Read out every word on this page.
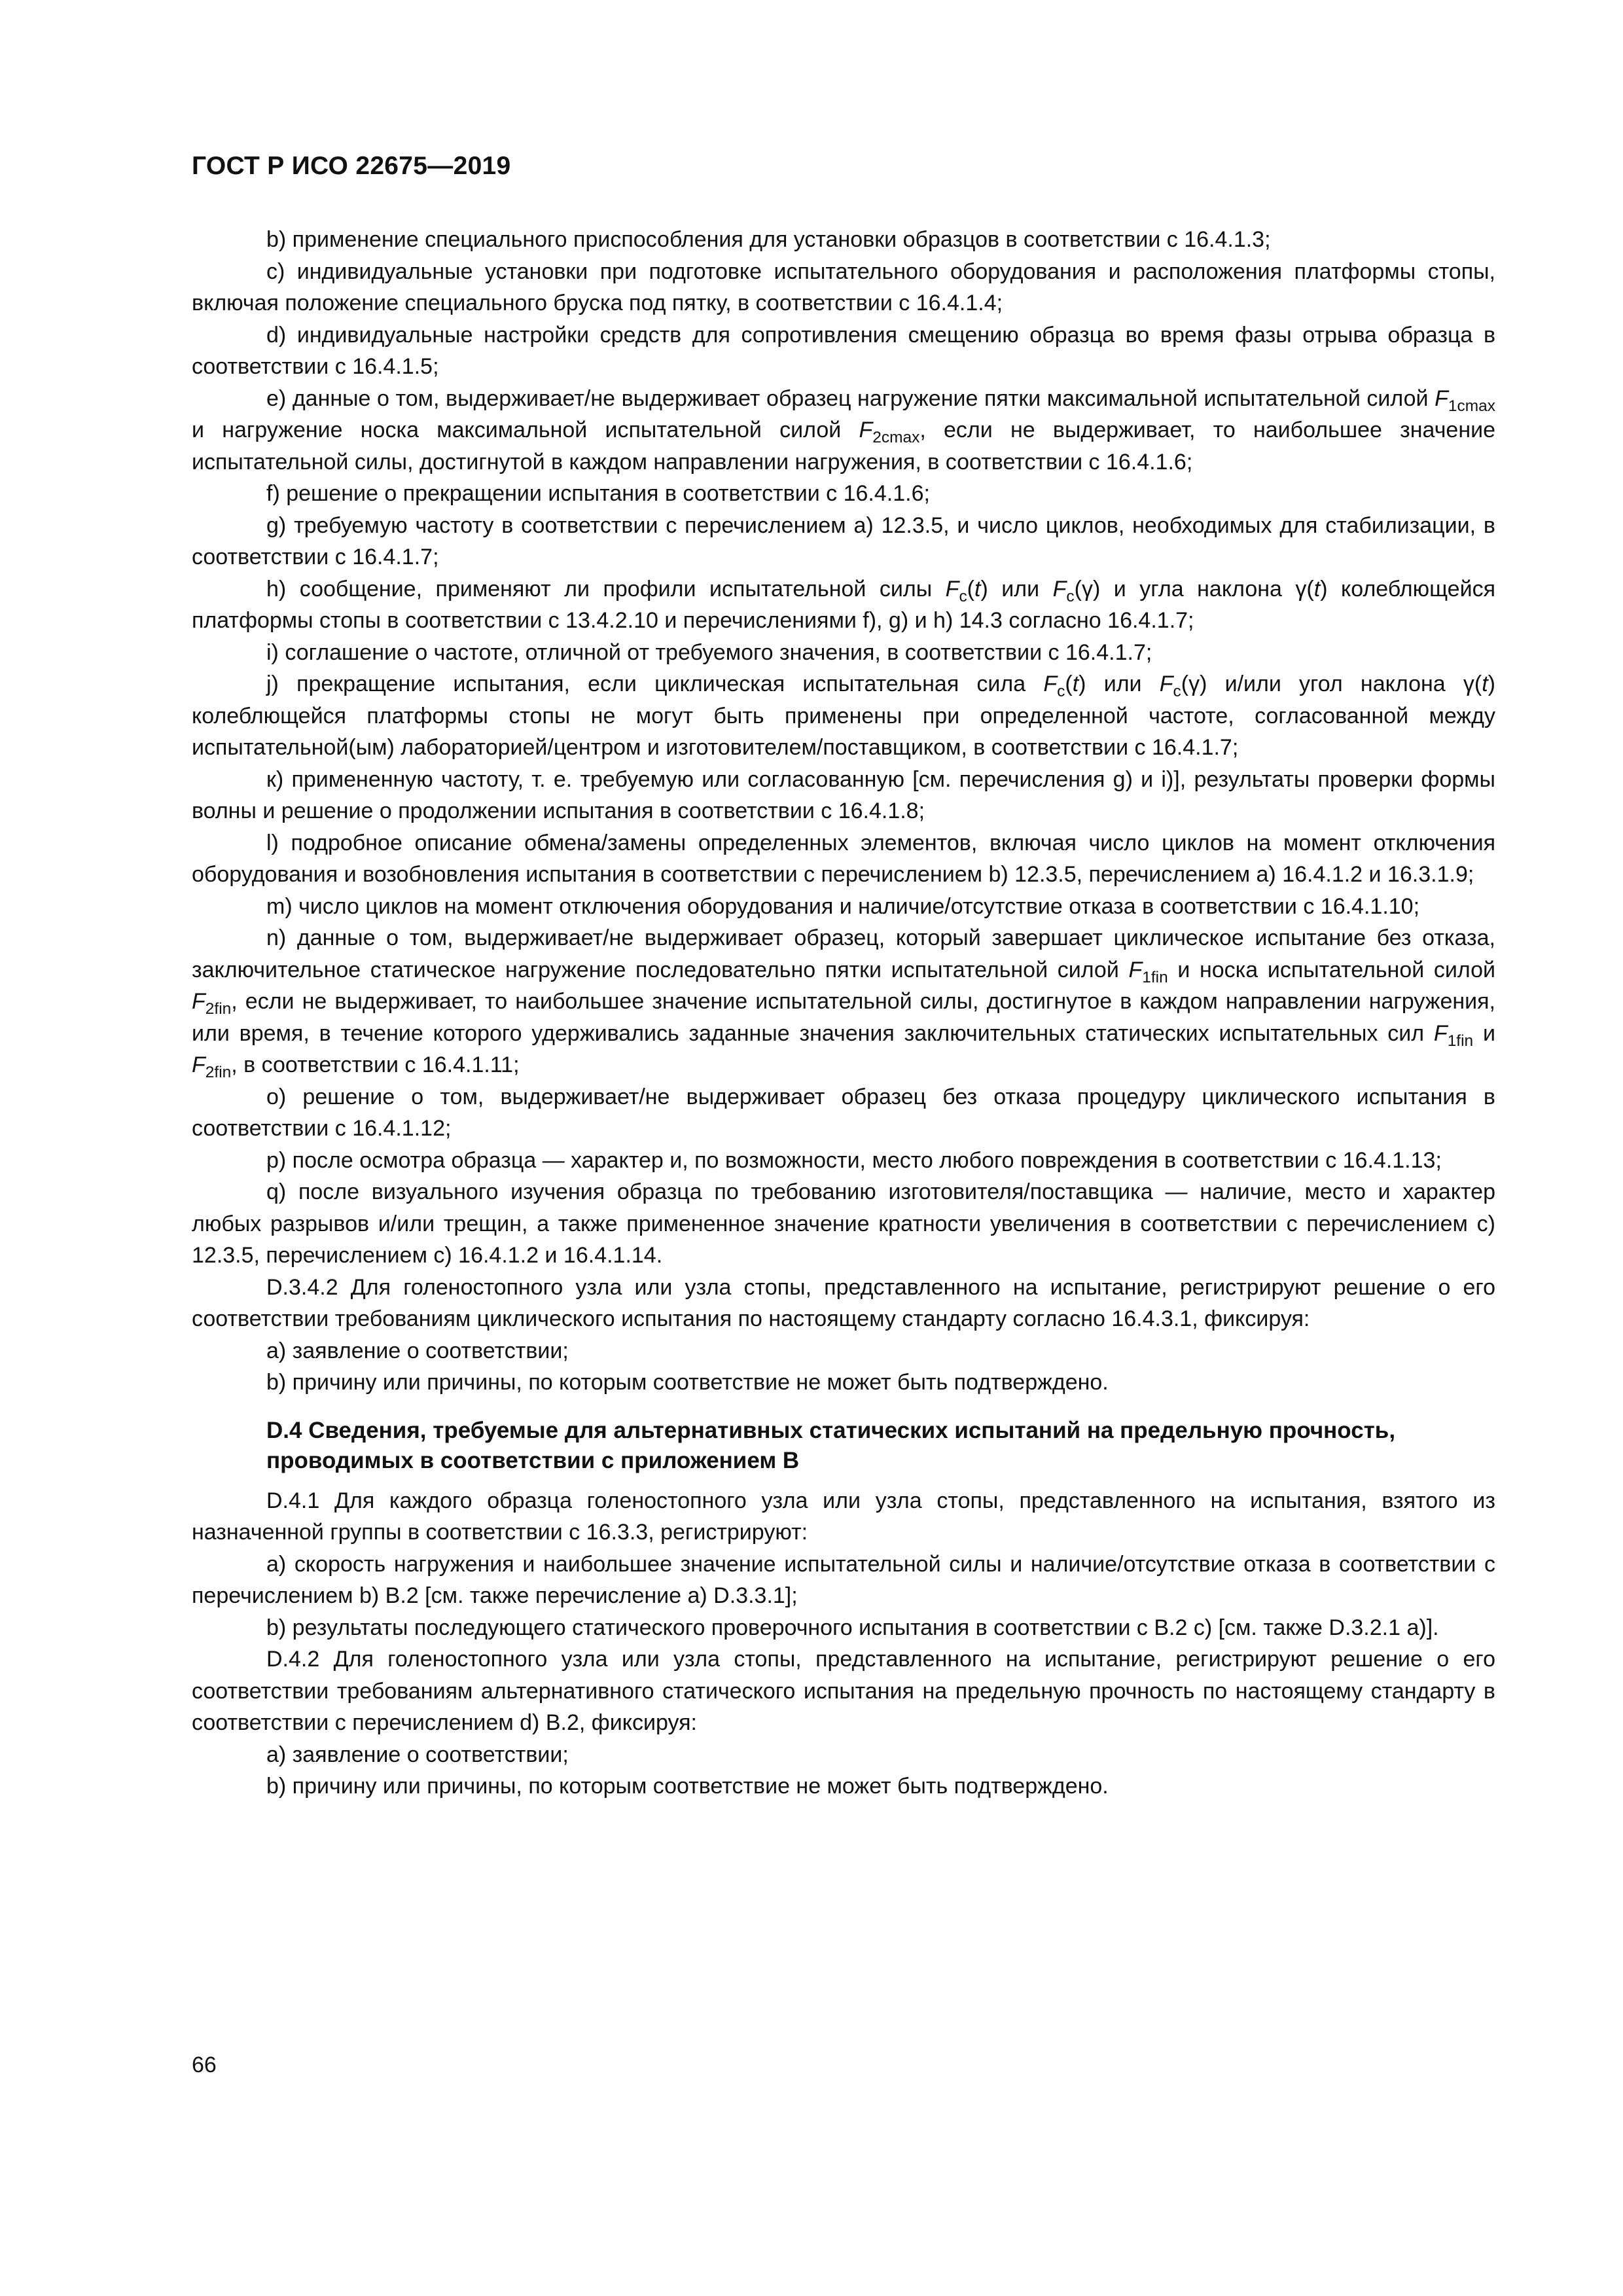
ГОСТ Р ИСО 22675—2019

b) применение специального приспособления для установки образцов в соответствии с 16.4.1.3;

c) индивидуальные установки при подготовке испытательного оборудования и расположения платформы стопы, включая положение специального бруска под пятку, в соответствии с 16.4.1.4;

d) индивидуальные настройки средств для сопротивления смещению образца во время фазы отрыва образца в соответствии с 16.4.1.5;

e) данные о том, выдерживает/не выдерживает образец нагружение пятки максимальной испытательной силой $F_{1cmax}$ и нагружение носка максимальной испытательной силой $F_{2cmax}$, если не выдерживает, то наибольшее значение испытательной силы, достигнутой в каждом направлении нагружения, в соответствии с 16.4.1.6;

f) решение о прекращении испытания в соответствии с 16.4.1.6;

g) требуемую частоту в соответствии с перечислением а) 12.3.5, и число циклов, необходимых для стабилизации, в соответствии с 16.4.1.7;

h) сообщение, применяют ли профили испытательной силы $F_c(t)$ или $F_c(\gamma)$ и угла наклона γ(t) колеблющейся платформы стопы в соответствии с 13.4.2.10 и перечислениями f), g) и h) 14.3 согласно 16.4.1.7;

i) соглашение о частоте, отличной от требуемого значения, в соответствии с 16.4.1.7;

j) прекращение испытания, если циклическая испытательная сила $F_c(t)$ или $F_c(\gamma)$ и/или угол наклона γ(t) колеблющейся платформы стопы не могут быть применены при определенной частоте, согласованной между испытательной(ым) лабораторией/центром и изготовителем/поставщиком, в соответствии с 16.4.1.7;

к) примененную частоту, т. е. требуемую или согласованную [см. перечисления g) и i)], результаты проверки формы волны и решение о продолжении испытания в соответствии с 16.4.1.8;

l) подробное описание обмена/замены определенных элементов, включая число циклов на момент отключения оборудования и возобновления испытания в соответствии с перечислением b) 12.3.5, перечислением а) 16.4.1.2 и 16.3.1.9;

m) число циклов на момент отключения оборудования и наличие/отсутствие отказа в соответствии с 16.4.1.10;

n) данные о том, выдерживает/не выдерживает образец, который завершает циклическое испытание без отказа, заключительное статическое нагружение последовательно пятки испытательной силой $F_{1fin}$ и носка испытательной силой $F_{2fin}$, если не выдерживает, то наибольшее значение испытательной силы, достигнутое в каждом направлении нагружения, или время, в течение которого удерживались заданные значения заключительных статических испытательных сил $F_{1fin}$ и $F_{2fin}$, в соответствии с 16.4.1.11;

o) решение о том, выдерживает/не выдерживает образец без отказа процедуру циклического испытания в соответствии с 16.4.1.12;

p) после осмотра образца — характер и, по возможности, место любого повреждения в соответствии с 16.4.1.13;

q) после визуального изучения образца по требованию изготовителя/поставщика — наличие, место и характер любых разрывов и/или трещин, а также примененное значение кратности увеличения в соответствии с перечислением с) 12.3.5, перечислением с) 16.4.1.2 и 16.4.1.14.

D.3.4.2 Для голеностопного узла или узла стопы, представленного на испытание, регистрируют решение о его соответствии требованиям циклического испытания по настоящему стандарту согласно 16.4.3.1, фиксируя:

a) заявление о соответствии;

b) причину или причины, по которым соответствие не может быть подтверждено.

D.4 Сведения, требуемые для альтернативных статических испытаний на предельную прочность, проводимых в соответствии с приложением В

D.4.1 Для каждого образца голеностопного узла или узла стопы, представленного на испытания, взятого из назначенной группы в соответствии с 16.3.3, регистрируют:

a) скорость нагружения и наибольшее значение испытательной силы и наличие/отсутствие отказа в соответствии с перечислением b) В.2 [см. также перечисление а) D.3.3.1];

b) результаты последующего статического проверочного испытания в соответствии с В.2 с) [см. также D.3.2.1 а)].

D.4.2 Для голеностопного узла или узла стопы, представленного на испытание, регистрируют решение о его соответствии требованиям альтернативного статического испытания на предельную прочность по настоящему стандарту в соответствии с перечислением d) В.2, фиксируя:

a) заявление о соответствии;

b) причину или причины, по которым соответствие не может быть подтверждено.

66
